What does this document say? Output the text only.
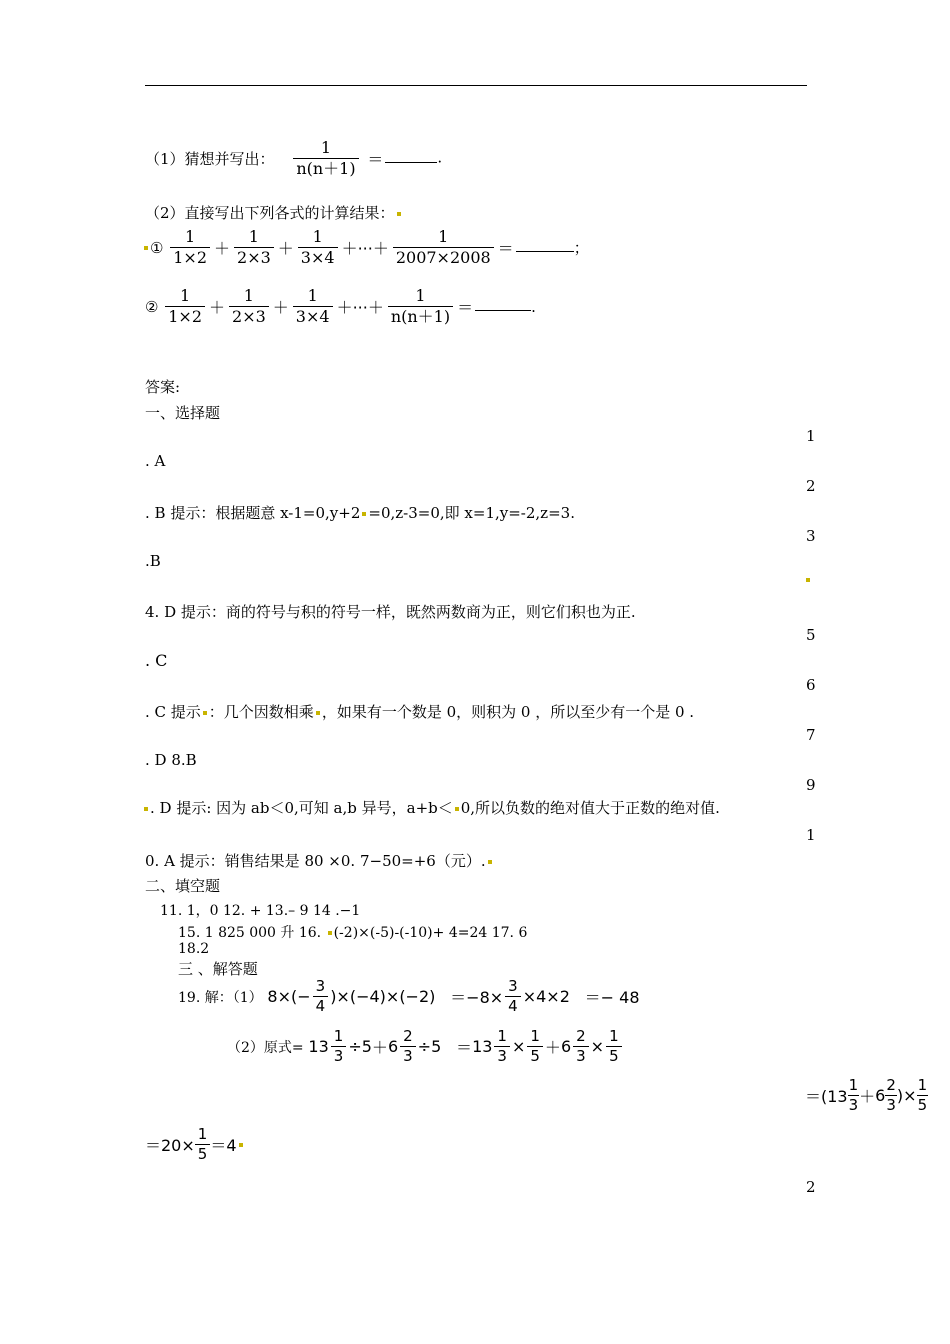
（1）猜想并写出： $\frac{1}{n(n+1)}$ ＝	.
（2）直接写出下列各式的计算结果：
① $\frac{1}{1\times 2} + \frac{1}{2\times 3} + \frac{1}{3\times 4}$ ＋···＋ $\frac{1}{2007\times 2008}$ ＝	；
② $\frac{1}{1\times 2} + \frac{1}{2\times 3} + \frac{1}{3\times 4}$ ＋···＋ $\frac{1}{n(n+1)}$ ＝	.
答案:
一、选择题
1
2
3
5
6
7
9
1
2
. A
. B 提示：根据题意 x-1=0,y+2 =0,z-3=0,即 x=1,y=-2,z=3.
.B
4. D 提示：商的符号与积的符号一样，既然两数商为正，则它们积也为正.
. C
. C 提示 ：几个因数相乘 ，如果有一个数是 0，则积为 0 ，所以至少有一个是 0 .
. D 8.B
. D 提示: 因为 ab＜0,可知 a,b 异号，a+b＜ 0,所以负数的绝对值大于正数的绝对值.
0. A 提示：销售结果是 80 ×0. 7−50=+6（元）.
二、填空题
11. 1，0 12. + 13.– 9 14 .−1
15. 1 825 000 升 16. (-2)×(-5)-(-10)+ 4=24 17. 6
18.2
三 、解答题
19. 解：（1） $8\times(- \frac{3}{4} )\times(-4)\times(-2) =-8\times \frac{3}{4} \times 4\times 2 =- 48$
（2）原式= $13 \frac{1}{3} \div 5+6 \frac{2}{3} \div 5 =13 \frac{1}{3} \times \frac{1}{5} +6 \frac{2}{3} \times \frac{1}{5}$
$=(13 \frac{1}{3} +6 \frac{2}{3}$ )× $\frac{1}{5}$
$=20\times \frac{1}{5} =4$
